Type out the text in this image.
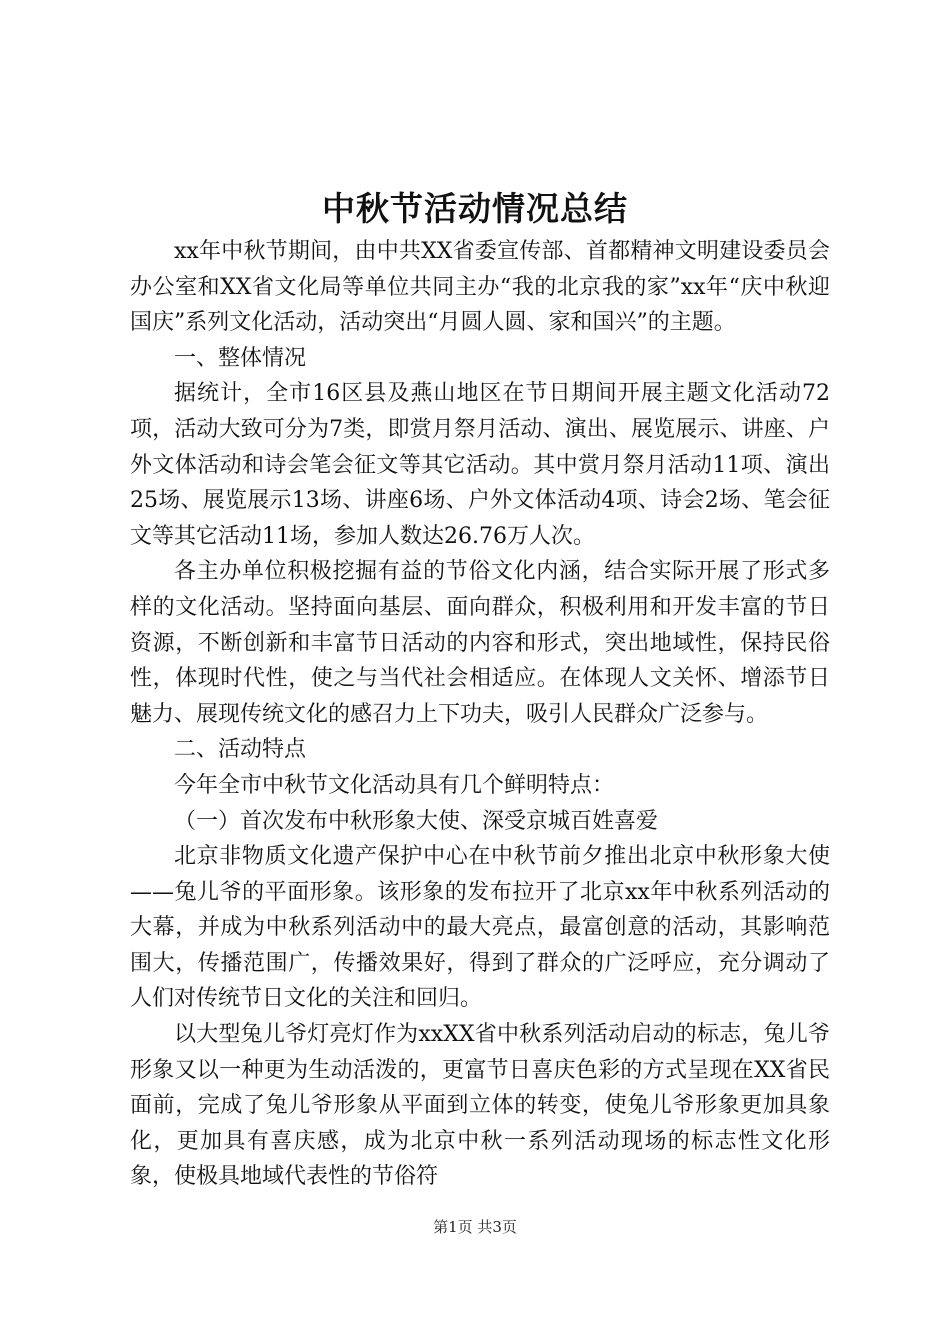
中秋节活动情况总结

xx年中秋节期间，由中共XX省委宣传部、首都精神文明建设委员会办公室和XX省文化局等单位共同主办“我的北京我的家”xx年“庆中秋迎国庆”系列文化活动，活动突出“月圆人圆、家和国兴”的主题。

一、整体情况

据统计，全市16区县及燕山地区在节日期间开展主题文化活动72项，活动大致可分为7类，即赏月祭月活动、演出、展览展示、讲座、户外文体活动和诗会笔会征文等其它活动。其中赏月祭月活动11项、演出25场、展览展示13场、讲座6场、户外文体活动4项、诗会2场、笔会征文等其它活动11场，参加人数达26.76万人次。

各主办单位积极挖掘有益的节俗文化内涵，结合实际开展了形式多样的文化活动。坚持面向基层、面向群众，积极利用和开发丰富的节日资源，不断创新和丰富节日活动的内容和形式，突出地域性，保持民俗性，体现时代性，使之与当代社会相适应。在体现人文关怀、增添节日魅力、展现传统文化的感召力上下功夫，吸引人民群众广泛参与。

二、活动特点

今年全市中秋节文化活动具有几个鲜明特点：

（一）首次发布中秋形象大使、深受京城百姓喜爱

北京非物质文化遗产保护中心在中秋节前夕推出北京中秋形象大使——兔儿爷的平面形象。该形象的发布拉开了北京xx年中秋系列活动的大幕，并成为中秋系列活动中的最大亮点，最富创意的活动，其影响范围大，传播范围广，传播效果好，得到了群众的广泛呼应，充分调动了人们对传统节日文化的关注和回归。

以大型兔儿爷灯亮灯作为xxXX省中秋系列活动启动的标志，兔儿爷形象又以一种更为生动活泼的，更富节日喜庆色彩的方式呈现在XX省民面前，完成了兔儿爷形象从平面到立体的转变，使兔儿爷形象更加具象化，更加具有喜庆感，成为北京中秋一系列活动现场的标志性文化形象，使极具地域代表性的节俗符

第1页 共3页
